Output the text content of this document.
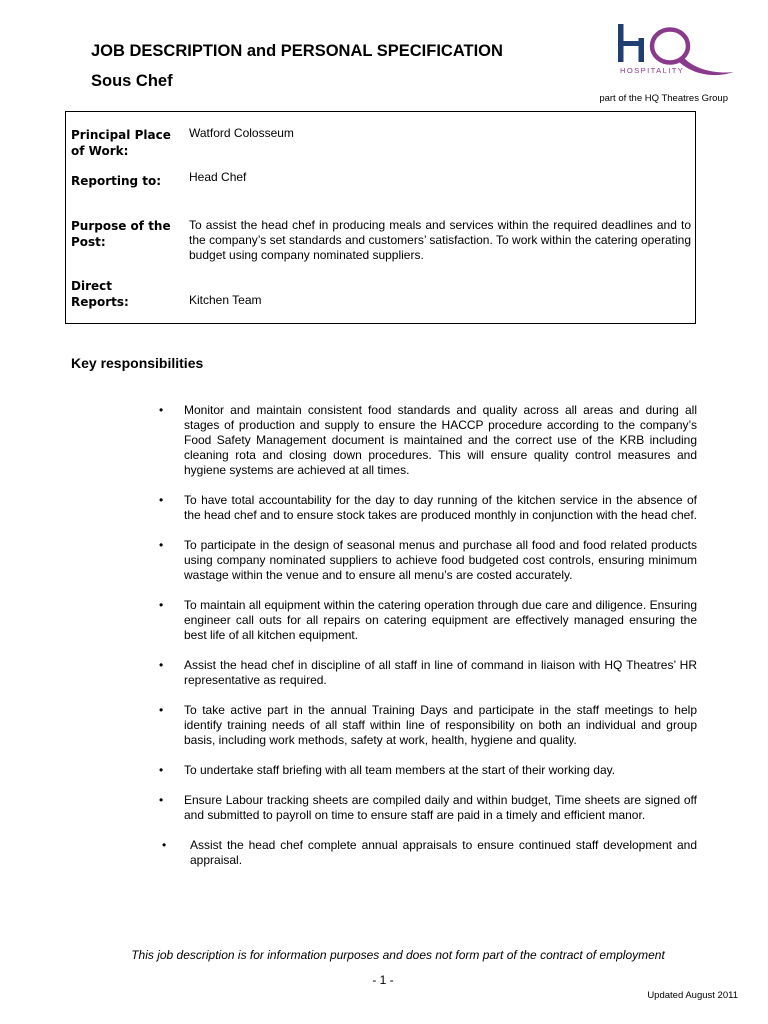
JOB DESCRIPTION and PERSONAL SPECIFICATION
Sous Chef
HOSPITALITY
part of the HQ Theatres Group
Principal Place of Work:
Watford Colosseum
Reporting to:	Head Chef
Purpose of the Post:
To assist the head chef in producing meals and services within the required deadlines and to the company’s set standards and customers’ satisfaction. To work within the catering operating budget using company nominated suppliers.
Direct Reports:	Kitchen Team
Key responsibilities
• Monitor and maintain consistent food standards and quality across all areas and during all stages of production and supply to ensure the HACCP procedure according to the company’s Food Safety Management document is maintained and the correct use of the KRB including cleaning rota and closing down procedures. This will ensure quality control measures and hygiene systems are achieved at all times.
• To have total accountability for the day to day running of the kitchen service in the absence of the head chef and to ensure stock takes are produced monthly in conjunction with the head chef.
• To participate in the design of seasonal menus and purchase all food and food related products using company nominated suppliers to achieve food budgeted cost controls, ensuring minimum wastage within the venue and to ensure all menu’s are costed accurately.
• To maintain all equipment within the catering operation through due care and diligence. Ensuring engineer call outs for all repairs on catering equipment are effectively managed ensuring the best life of all kitchen equipment.
• Assist the head chef in discipline of all staff in line of command in liaison with HQ Theatres’ HR representative as required.
• To take active part in the annual Training Days and participate in the staff meetings to help identify training needs of all staff within line of responsibility on both an individual and group basis, including work methods, safety at work, health, hygiene and quality.
• To undertake staff briefing with all team members at the start of their working day.
• Ensure Labour tracking sheets are compiled daily and within budget, Time sheets are signed off and submitted to payroll on time to ensure staff are paid in a timely and efficient manor.
• Assist the head chef complete annual appraisals to ensure continued staff development and appraisal.
This job description is for information purposes and does not form part of the contract of employment
- 1 -
Updated August 2011
